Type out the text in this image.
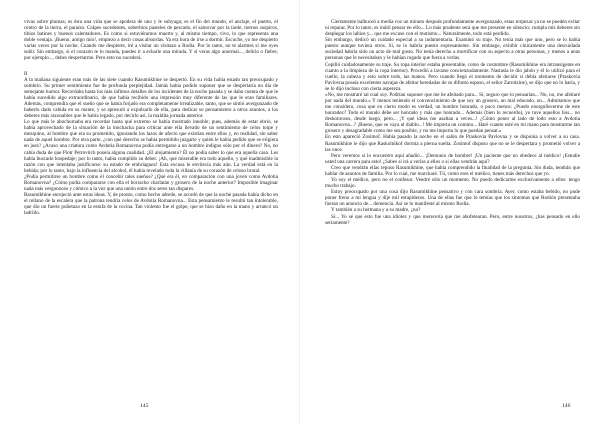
vivas sobre plumas; es ésta una vida que se apodera de uno y le subyuga; es el fin del mundo, el anclaje, el puerto, el centro de la tierra, el paraíso. Crápes sucedentes, soberbios pasteles de pescado, el samovar por la tarde, tiernos suspiros, tibios batines y buenos calentadores. Es como si estuviéramos muerto y, al mismo tiempo, vivo, lo que representa una doble ventaja. ¡Bueno, amigo mío!, empiezo a decir cosas absurdas. Ya era hora de irse a dormir. Escuche, yo me despierto varias veces por la noche. Cuando me despierte, iré a visitar un visitazo a Rodia. Por lo tanto, no te alarmes si me oyes subir. Sin embargo, si el corazón te lo manda, puedes ir a echarle una mirada. Y si veras algo anormal..., delirio o fiebre, por ejemplo..., debes despertarme. Pero esto no sucederá.

II

A la mañana siguiente eran más de las siete cuando Rasumikhine se despertó. En su vida había estado tan preocupado y sombrío. Su primer sentimiento fue de profunda perplejidad. Jamás había podido suponer que se despertaría un día de semejante humor. Recordaba hasta los más ínfimos detalles de los incidentes de la noche pasada y se daba cuenta de que le había sucedido algo extraordinario, de que había recibido una impresión muy diferente de las que le eran familiares. Además, comprendía que el sueño que se había forjado era completamente irrealizable, tanto, que se sintió avergonzado de haberlo dado cabida en su mente, y se apresuró a expulsarlo de ella, para dedicar su pensamiento a otros asuntos, a los deberes más razonables que le había legado, por decirlo así, la maldita jornada anterior.

Lo que más le abochornaba era recordar hasta qué extremo se había mostrado innoble; pues, además de estar ebrio, se había aprovechado de la situación de la muchacha para criticar ante ella llevado de un sentimiento de celos torpe y mezquino, al hombre que era su prometido, ignorando los lazos de afecto que existían entre ellos y, en realidad, sin saber nada de aquel hombre. Por otra parte, ¿con qué derecho se había permitido juzgarle y quién le había pedido que se erigiera en juez? ¿Acaso una criatura como Avdotia Romanovna podía entregarse a un hombre indigno sólo por el dinero? No, no cabía duda de que Piotr Petrovitch poseía alguna cualidad. ¿El alojamiento? Él no podía saber lo que era aquella casa. Les había buscado hospedaje; por lo tanto, había cumplido su deber. ¡Ah, qué miserable era todo aquello, y qué inadmisible la razón con que intentaba justificarse: su estado de embriaguez! Esta excusa le envilecía más aún. La verdad está en la bebida; por lo tanto, bajo la influencia del alcohol, él había revelado toda la villanía de su corazón de celoso brutal.

¿Podía permitirse un hombre como él concebir tales sueños? ¿Qué era él, en comparación con una joven como Avdotia Romanovna? ¿Cómo podía compararse con ella el borracho charlatán y grosero de la noche anterior? Imposible imaginar nada más vergonzoso y cómico a la vez que una unión entre dos seres tan dispares.

Rasumikhine enrojeció ante estas ideas. Y, de pronto, como hecho adrede, se acordó de que la noche pasada había dicho en el rellano de la escalera que la patrona tendría celos de Avdotia Romanovna... Esta pensamiento le resultó tan intolerable, que dio un fuerte puñetazo en la estufa de la cocina. Tan violento fue el golpe, que se hizo daño en la mano y arrancó un ladrillo.

145

Ciertamente balbuceó a media voz un minuto después profundamente avergonzado, estas torpezas ya no se pueden evitar ni reparar. Por lo tanto, es inútil pensar en ello... Lo más prudente será que me presente en silencio; cumpla mis deberes sin desplegar los labios y... que me excuse con el mutismo... Naturalmente, todo está perdido.

Sin embargo, dedicó un cuidado especial a su indumentaria. Examinó su traje. No tenía más que uno, pero se lo había puesto aunque tuviera otros. Si, se lo habría puesto expresamente. Sin embargo, exhibir cínicamente una descuidada suciedad habría sido un acto de mal gusto. No tenía derecho a mortificar con su aspecto a otras personas, y menos a unas personas que le necesitaban y le habían rogado que fuera a verlas.

Cepilló cuidadosamente su traje. Su ropa interior estaba presentable, como de costumbre (Rasumikhine era intransigente en cuanto a la limpieza de la ropa interior). Procedió a lavarse concienzudamente. Nastasia le dio jabón y él lo utilizó para el cuello, la cabeza y esto sobre todo, las manos. Pero cuando llegó el momento de decidir si debía afeitarse (Praskovia Pavlovna poseía excelentes navajas de afeitar heredadas de su difunto esposo, el señor Zarnitzine), se dijo que no lo haría, y se lo dijo incluso con cierta aspereza.

«No, me mostraré tal cual soy. Podrían suponer que me he afeitado para... Sí, seguro que lo pensarían... No, no, me afeitaré por nada del mundo.» Y menos teniendo el convencimiento de que soy un grosero, un mal educado, un... Admitamos que me considero, cosa que en cierto modo es verdad, un hombre honrado, o poco menos: ¿Puedo enorgullecerme de este honradez? Todo el mundo debe ser honrado y más que honrado... Además (bien lo recuerdo), yo tuve aquellos líos... no deshonrosos, desde luego, pero... ¡Y qué ideas me asaltan a veces...! ¿Cómo poner al lado de todo esto a Avdotia Romanovna...? ¡Bueno, que se vaya al diablo...! Me importa un comino... Haré cuanto esté en mi mano para mostrarme tan grosero y desagradable como me sea posible, y no me importa lo que puedan pensar.»

En esto apareció Zosimof. Había pasado la noche en el salón de Praskovia Pavlovna y se disponía a volver a su casa. Rasumikhine le dijo que Raskolnikof dormía a pierna suelta. Zosimof dispuso que no se le despertara y prometió volver a las once.

Pero veremos si lo encuentro aquí añadió... ¡Demonio de hombre! ¡Un paciente que no obedece al médico! ¡Estudie usted una carrera para esto! ¿Sabes si irá a verlas a ellos o si ellas vendrán aquí?

Creo que vendrán ellas repuso Rasumikhine, que había comprendido la finalidad de la pregunta. Sin duda, tendrán que hablar de asuntos de familia. Por lo cual, me marcharé. Tú, como eres el médico, tienes más derechos que yo.

Yo soy el médico, pero no el confesor. Vendré sólo un momento. No puedo dedicarme exclusivamente a ellos: tengo mucho trabajo.

Estoy preocupado por una cosa dijo Rasumikhine pensativo y con cara sombría. Ayer, como estaba bebido, no pude poner freno a mi lengua y dije mil estupideces. Una de ellas fue que lo temías que los síntomas que Rodión presentaba fueran un anuncio de... demencia. Así se lo manifesté al mismo Rodia.

Y también a su hermana y a su madre, ¿no?

Sí... Yo sé que esto fue una idiotez y que merecería que me abofetearan. Pero, entre nosotros, ¿has pensado en ello seriamente?

146
